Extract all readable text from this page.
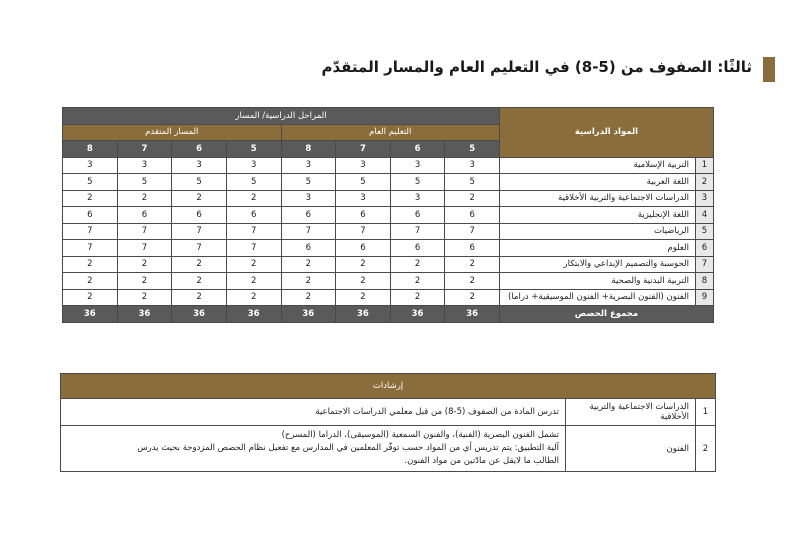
ثالثًا: الصفوف من (5-8) في التعليم العام والمسار المتقدّم
المواد الدراسية		المراحل الدراسية/ المسار							
		التعليم العام				المسار المتقدم			
		5	6	7	8	5	6	7	8
1	التربية الإسلامية	3	3	3	3	3	3	3	3
2	اللغة العربية	5	5	5	5	5	5	5	5
3	الدراسات الاجتماعية والتربية الأخلاقية	2	3	3	3	2	2	2	2
4	اللغة الإنجليزية	6	6	6	6	6	6	6	6
5	الرياضيات	7	7	7	7	7	7	7	7
6	العلوم	6	6	6	6	7	7	7	7
7	الحوسبة والتصميم الإبداعي والابتكار	2	2	2	2	2	2	2	2
8	التربية البدنية والصحية	2	2	2	2	2	2	2	2
9	الفنون (الفنون البصرية+ الفنون الموسيقية+ دراما)	2	2	2	2	2	2	2	2
مجموع الحصص		36	36	36	36	36	36	36	36
إرشادات		
1	الدراسات الاجتماعية والتربية الأخلاقية	تدرس المادة من الصفوف (5-8) من قبل معلمي الدراسات الاجتماعية

2	الفنون	تشمل الفنون البصرية (الفنية)، والفنون السمعية (الموسيقى)، الدراما (المسرح)
آلية التطبيق: يتم تدريس أي من المواد حسب توفّر المعلمين في المدارس مع تفعيل نظام الحصص المزدوجة بحيث يدرس
الطالب ما لايقل عن مادّتين من مواد الفنون.
